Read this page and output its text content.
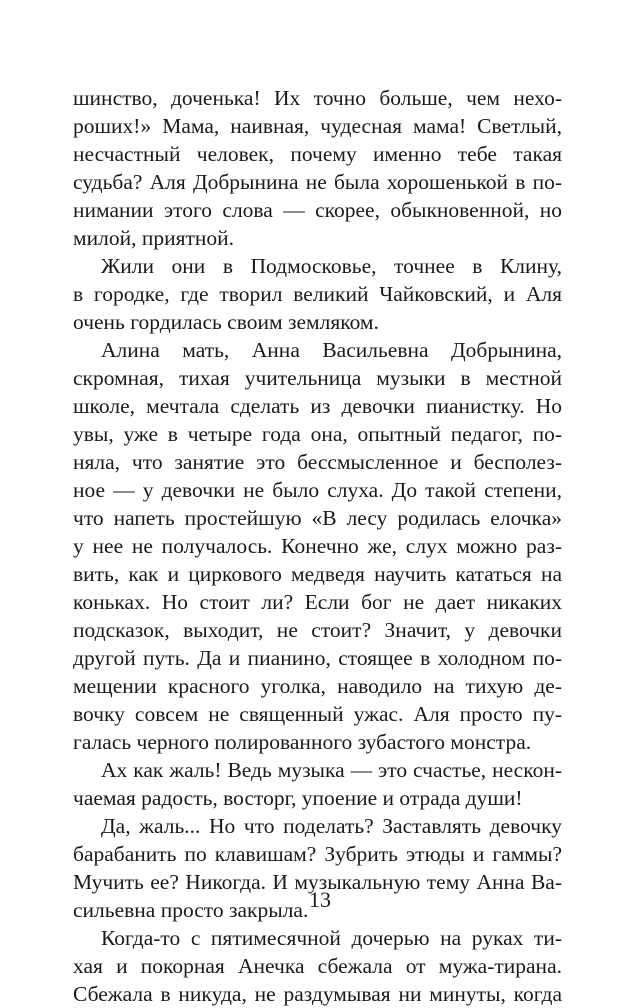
шинство, доченька! Их точно больше, чем нехо-
роших!» Мама, наивная, чудесная мама! Светлый,
несчастный человек, почему именно тебе такая
судьба? Аля Добрынина не была хорошенькой в по-
нимании этого слова — скорее, обыкновенной, но
милой, приятной.
Жили они в Подмосковье, точнее в Клину,
в городке, где творил великий Чайковский, и Аля
очень гордилась своим земляком.
Алина мать, Анна Васильевна Добрынина,
скромная, тихая учительница музыки в местной
школе, мечтала сделать из девочки пианистку. Но
увы, уже в четыре года она, опытный педагог, по-
няла, что занятие это бессмысленное и бесполез-
ное — у девочки не было слуха. До такой степени,
что напеть простейшую «В лесу родилась елочка»
у нее не получалось. Конечно же, слух можно раз-
вить, как и циркового медведя научить кататься на
коньках. Но стоит ли? Если бог не дает никаких
подсказок, выходит, не стоит? Значит, у девочки
другой путь. Да и пианино, стоящее в холодном по-
мещении красного уголка, наводило на тихую де-
вочку совсем не священный ужас. Аля просто пу-
галась черного полированного зубастого монстра.
Ах как жаль! Ведь музыка — это счастье, нескон-
чаемая радость, восторг, упоение и отрада души!
Да, жаль... Но что поделать? Заставлять девочку
барабанить по клавишам? Зубрить этюды и гаммы?
Мучить ее? Никогда. И музыкальную тему Анна Ва-
сильевна просто закрыла.
Когда-то с пятимесячной дочерью на руках ти-
хая и покорная Анечка сбежала от мужа-тирана.
Сбежала в никуда, не раздумывая ни минуты, когда
13
